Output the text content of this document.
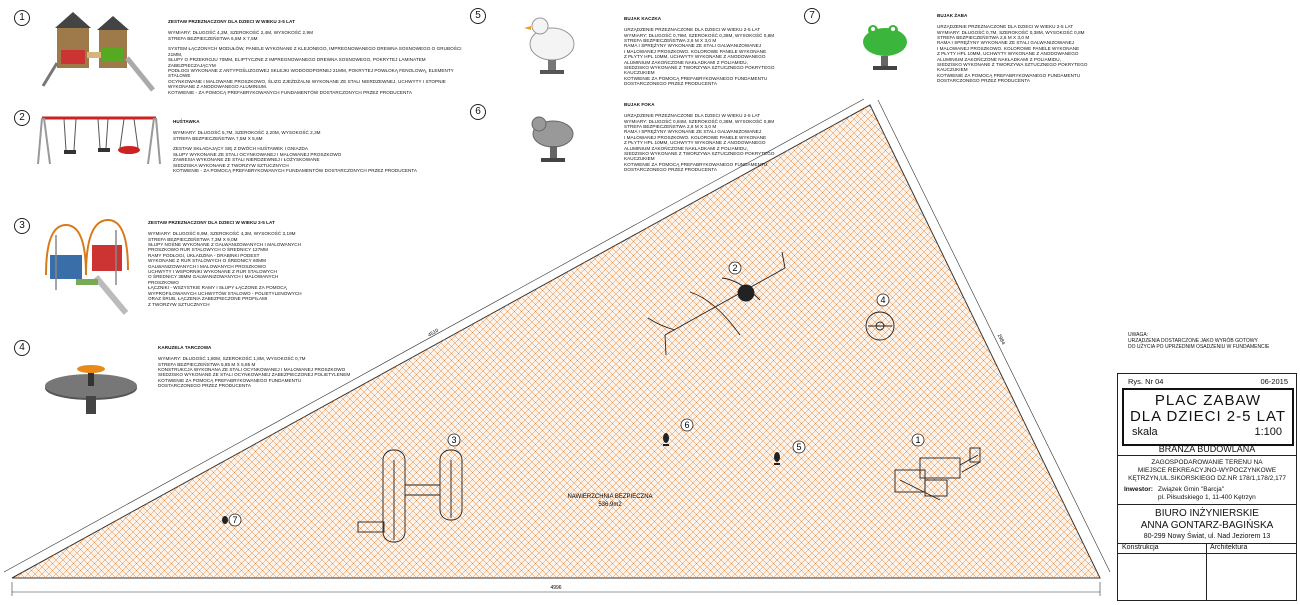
4996
4510
2984
NAWIERZCHNIA BEZPIECZNA
536,9m2
1
2
3
4
5
6
7
1	ZESTAW PRZEZNACZONY DLA DZIECI W WIEKU 2-5 LAT

WYMIARY: DŁUGOŚĆ 4,2M, SZEROKOŚĆ 2,4M, WYSOKOŚĆ 2,9M
STREFA BEZPIECZEŃSTWA 6,5M X 7,5M

SYSTEM ŁĄCZONYCH MODUŁÓW, PANELE WYKONANE Z KLEJONEGO, IMPREGNOWANEGO DREWNA SOSNOWEGO O GRUBOŚCI 21MM,
SŁUPY O PRZEKROJU 70MM, ELIPTYCZNE Z IMPREGNOWANEGO DREWNA SOSNOWEGO, POKRYTEJ LAMINATEM ZABEZPIECZAJĄCYM
PODŁOGI WYKONANE Z ANTYPOŚLIZGOWEJ SKLEJKI WODOODPORNEJ 21MM, POKRYTEJ POWŁOKĄ FENOLOWĄ, ELEMENTY STALOWE
OCYNKOWANE I MALOWANE PROSZKOWO, ŚLIZG ZJEŻDŻALNI WYKONANE ZE STALI NIERDZEWNEJ, UCHWYTY I STOPNIE
WYKONANE Z ANODOWANEGO ALUMINIUM.
KOTWIENIE - ZA POMOCĄ PREFABRYKOWANYCH FUNDAMENTÓW DOSTARCZONYCH PRZEZ PRODUCENTA

2	HUŚTAWKA

WYMIARY: DŁUGOŚĆ 5,7M, SZEROKOŚĆ 2,20M, WYSOKOŚĆ 2,3M
STREFA BEZPIECZEŃSTWA 7,5M X 5,6M

ZESTAW SKŁADAJĄCY SIĘ Z DWÓCH HUŚTAWEK I GNIAZDA
SŁUPY WYKONANE ZE STALI OCYNKOWANEJ I MALOWANEJ PROSZKOWO
ZAWIESIA WYKONANE ZE STALI NIERDZEWNEJ I ŁOŻYSKOWANE
SIEDZISKA WYKONANE Z TWORZYW SZTUCZNYCH
KOTWIENIE - ZA POMOCĄ PREFABRYKOWANYCH FUNDAMENTÓW DOSTARCZONYCH PRZEZ PRODUCENTA

3	ZESTAW PRZEZNACZONY DLA DZIECI W WIEKU 2-5 LAT

WYMIARY: DŁUGOŚĆ 8,9M, SZEROKOŚĆ 4,3M, WYSOKOŚĆ 3,19M
STREFA BEZPIECZEŃSTWA 7,3M X 9,0M
SŁUPY NOŚNE WYKONANE Z GALWANIZOWANYCH I MALOWANYCH
PROSZKOWO RUR STALOWYCH O ŚREDNICY 127MM
RAMY PODŁOGI, UKŁADZINA - DRABINKI PODEST
WYKONANE Z RUR STALOWYCH O ŚREDNICY 60MM
GALWANIZOWANYCH I MALOWANYCH PROSZKOWO
UCHWYTY I WSPORNIKI WYKONANE Z RUR STALOWYCH
O ŚREDNICY 38MM GALWANIZOWANYCH I MALOWANYCH
PROSZKOWO
ŁĄCZNIKI - WSZYSTKIE RAMY I SŁUPY ŁĄCZONE ZA POMOCĄ
WYPROFILOWANYCH UCHWYTÓW STALOWO - POLIETYLENOWYCH
ORAZ ŚRUB, ŁĄCZENIA ZABEZPIECZONE PROFILAMI
Z TWORZYW SZTUCZNYCH

4	KARUZELA TARCZOWA

WYMIARY: DŁUGOŚĆ 1,80M, SZEROKOŚĆ 1,8M, WYSOKOŚĆ 0,7M
STREFA BEZPIECZEŃSTWA 5,85 M X 5,85 M
KONSTRUKCJA WYKONANA ZE STALI OCYNKOWANEJ I MALOWANEJ PROSZKOWO
SIEDZISKO WYKONANE ZE STALI OCYNKOWANEJ ZABEZPIECZONEJ POLIETYLENEM
KOTWIENIE ZA POMOCĄ PREFABRYKOWANEGO FUNDAMENTU
DOSTARCZONEGO PRZEZ PRODUCENTA

5	BUJAK KACZKA

URZĄDZENIE PRZEZNACZONE DLA DZIECI W WIEKU 2-5 LAT
WYMIARY: DŁUGOŚĆ 0,79M, SZEROKOŚĆ 0,38M, WYSOKOŚĆ 0,8M
STREFA BEZPIECZEŃSTWA 2,6 M X 3,0 M
RAMA I SPRĘŻYNY WYKONANE ZE STALI GALWANIZOWANEJ
I MALOWANEJ PROSZKOWO. KOLOROWE PANELE WYKONANE
Z PŁYTY HPL 10MM, UCHWYTY WYKONANE Z ANODOWANEGO
ALUMINIUM ZAKOŃCZONE NAKŁADKAMI Z POLIAMIDU,
SIEDZISKO WYKONANE Z TWORZYWA SZTUCZNEGO POKRYTEGO
KAUCZUKIEM
KOTWIENIE ZA POMOCĄ PREFABRYKOWANEGO FUNDAMENTU
DOSTARCZONEGO PRZEZ PRODUCENTA

6

BUJAK FOKA

URZĄDZENIE PRZEZNACZONE DLA DZIECI W WIEKU 2-5 LAT
WYMIARY: DŁUGOŚĆ 0,84M, SZEROKOŚĆ 0,38M, WYSOKOŚĆ 0,8M
STREFA BEZPIECZEŃSTWA 2,6 M X 3,0 M
RAMA I SPRĘŻYNY WYKONANE ZE STALI GALWANIZOWANEJ
I MALOWANEJ PROSZKOWO. KOLOROWE PANELE WYKONANE
Z PŁYTY HPL 10MM, UCHWYTY WYKONANE Z ANODOWANEGO
ALUMINIUM ZAKOŃCZONE NAKŁADKAMI Z POLIAMIDU,
SIEDZISKO WYKONANE Z TWORZYWA SZTUCZNEGO POKRYTEGO
KAUCZUKIEM
KOTWIENIE ZA POMOCĄ PREFABRYKOWANEGO FUNDAMENTU
DOSTARCZONEGO PRZEZ PRODUCENTA

7	BUJAK ŻABA

URZĄDZENIE PRZEZNACZONE DLA DZIECI W WIEKU 2-5 LAT
WYMIARY: DŁUGOŚĆ 0,7M, SZEROKOŚĆ 0,38M, WYSOKOŚĆ 0,8M
STREFA BEZPIECZEŃSTWA 2,6 M X 3,0 M
RAMA I SPRĘŻYNY WYKONANE ZE STALI GALWANIZOWANEJ
I MALOWANEJ PROSZKOWO. KOLOROWE PANELE WYKONANE
Z PŁYTY HPL 10MM, UCHWYTY WYKONANE Z ANODOWANEGO
ALUMINIUM ZAKOŃCZONE NAKŁADKAMI Z POLIAMIDU,
SIEDZISKO WYKONANE Z TWORZYWA SZTUCZNEGO POKRYTEGO
KAUCZUKIEM
KOTWIENIE ZA POMOCĄ PREFABRYKOWANEGO FUNDAMENTU
DOSTARCZONEGO PRZEZ PRODUCENTA

UWAGA:
URZĄDZENIA DOSTARCZONE JAKO WYRÓB GOTOWY
DO UŻYCIA PO UPRZEDNIM OSADZENIU W FUNDAMENCIE
Rys. Nr 04	06-2015
PLAC ZABAW
DLA DZIECI 2-5 LAT
skala	1:100
BRANŻA BUDOWLANA
ZAGOSPODAROWANIE TERENU NA
MIEJSCE REKREACYJNO-WYPOCZYNKOWE
KĘTRZYN,UL.SIKORSKIEGO DZ.NR 178/1,178/2,177
Inwestor: Związek Gmin "Barcja"
pl. Piłsudskiego 1, 11-400 Kętrzyn
BIURO INŻYNIERSKIE
ANNA GONTARZ-BAGIŃSKA
80-299 Nowy Świat, ul. Nad Jeziorem 13
Konstrukcja	Architektura
